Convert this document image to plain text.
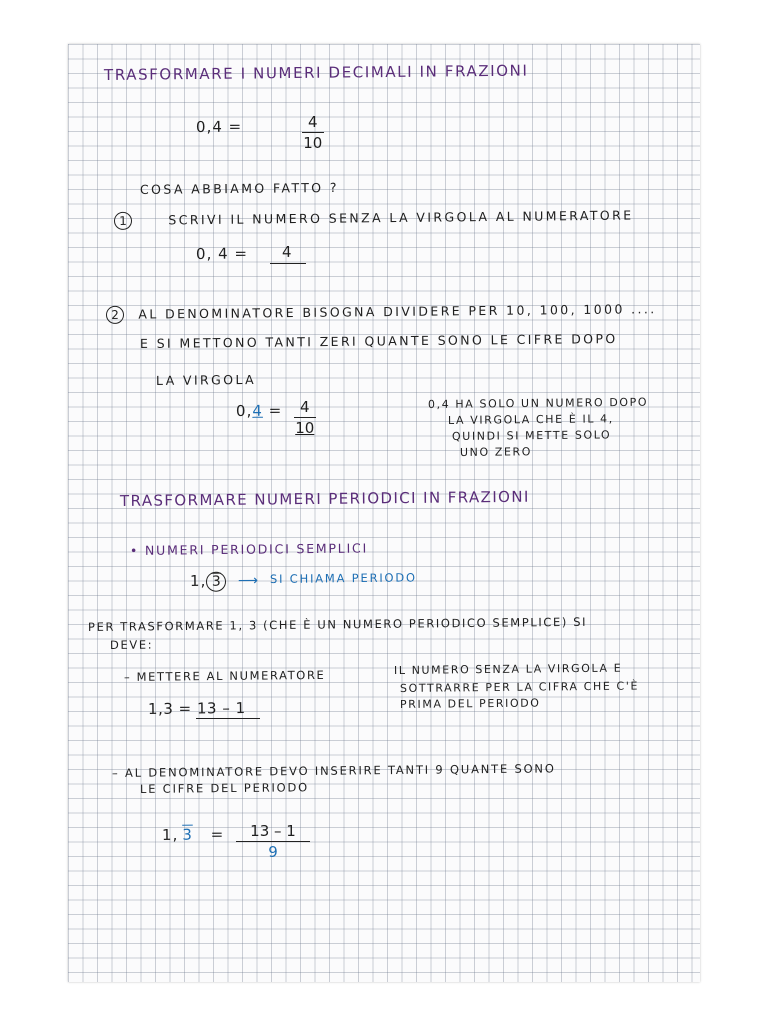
TRASFORMARE I NUMERI DECIMALI IN FRAZIONI
0,4 =	$\frac{4}{10}$
COSA ABBIAMO FATTO ?
1	SCRIVI IL NUMERO SENZA LA VIRGOLA AL NUMERATORE
0, 4 = 4
2 AL DENOMINATORE BISOGNA DIVIDERE PER 10, 100, 1000 ....
E SI METTONO TANTI ZERI QUANTE SONO LE CIFRE DOPO
LA VIRGOLA
$0,4 = \frac{4}{10}$	0,4 HA SOLO UN NUMERO DOPO
LA VIRGOLA CHE È IL 4,
QUINDI SI METTE SOLO
UNO ZERO
TRASFORMARE NUMERI PERIODICI IN FRAZIONI
• NUMERI PERIODICI SEMPLICI
1, 3	⟶ SI CHIAMA PERIODO
PER TRASFORMARE 1, 3 (CHE È UN NUMERO PERIODICO SEMPLICE) SI
DEVE:
– METTERE AL NUMERATORE	IL NUMERO SENZA LA VIRGOLA E
SOTTRARRE PER LA CIFRA CHE C'È
PRIMA DEL PERIODO
1,3 = 13 – 1
– AL DENOMINATORE DEVO INSERIRE TANTI 9 QUANTE SONO
LE CIFRE DEL PERIODO
1, $3 = \frac{13 - 1}{9}$
